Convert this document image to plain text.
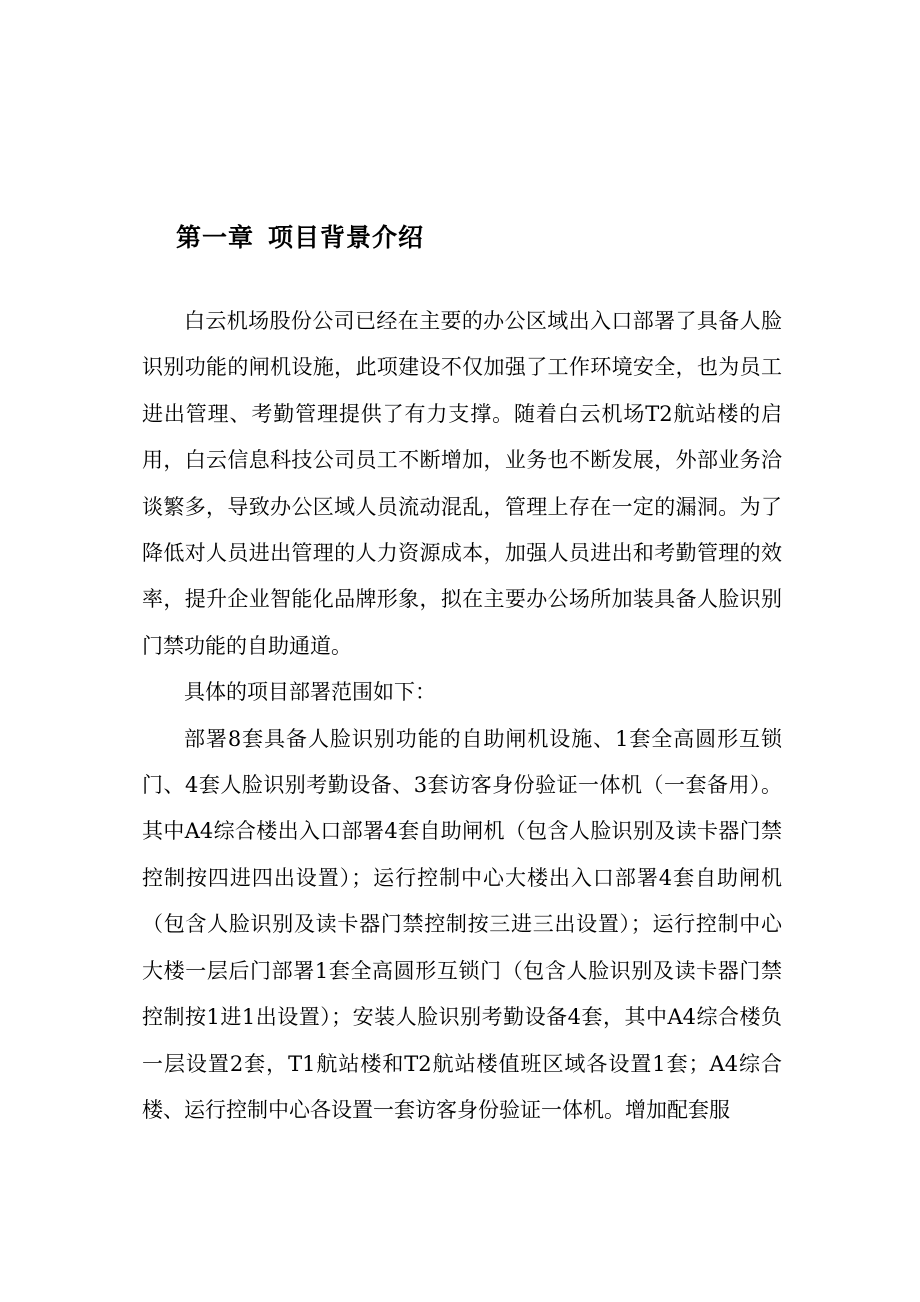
第一章 项目背景介绍

白云机场股份公司已经在主要的办公区域出入口部署了具备人脸识别功能的闸机设施，此项建设不仅加强了工作环境安全，也为员工进出管理、考勤管理提供了有力支撑。随着白云机场T2航站楼的启用，白云信息科技公司员工不断增加，业务也不断发展，外部业务洽谈繁多，导致办公区域人员流动混乱，管理上存在一定的漏洞。为了降低对人员进出管理的人力资源成本，加强人员进出和考勤管理的效率，提升企业智能化品牌形象，拟在主要办公场所加装具备人脸识别门禁功能的自助通道。

具体的项目部署范围如下：

部署8套具备人脸识别功能的自助闸机设施、1套全高圆形互锁门、4套人脸识别考勤设备、3套访客身份验证一体机（一套备用）。其中A4综合楼出入口部署4套自助闸机（包含人脸识别及读卡器门禁控制按四进四出设置）；运行控制中心大楼出入口部署4套自助闸机（包含人脸识别及读卡器门禁控制按三进三出设置）；运行控制中心大楼一层后门部署1套全高圆形互锁门（包含人脸识别及读卡器门禁控制按1进1出设置）；安装人脸识别考勤设备4套，其中A4综合楼负一层设置2套，T1航站楼和T2航站楼值班区域各设置1套；A4综合楼、运行控制中心各设置一套访客身份验证一体机。增加配套服
